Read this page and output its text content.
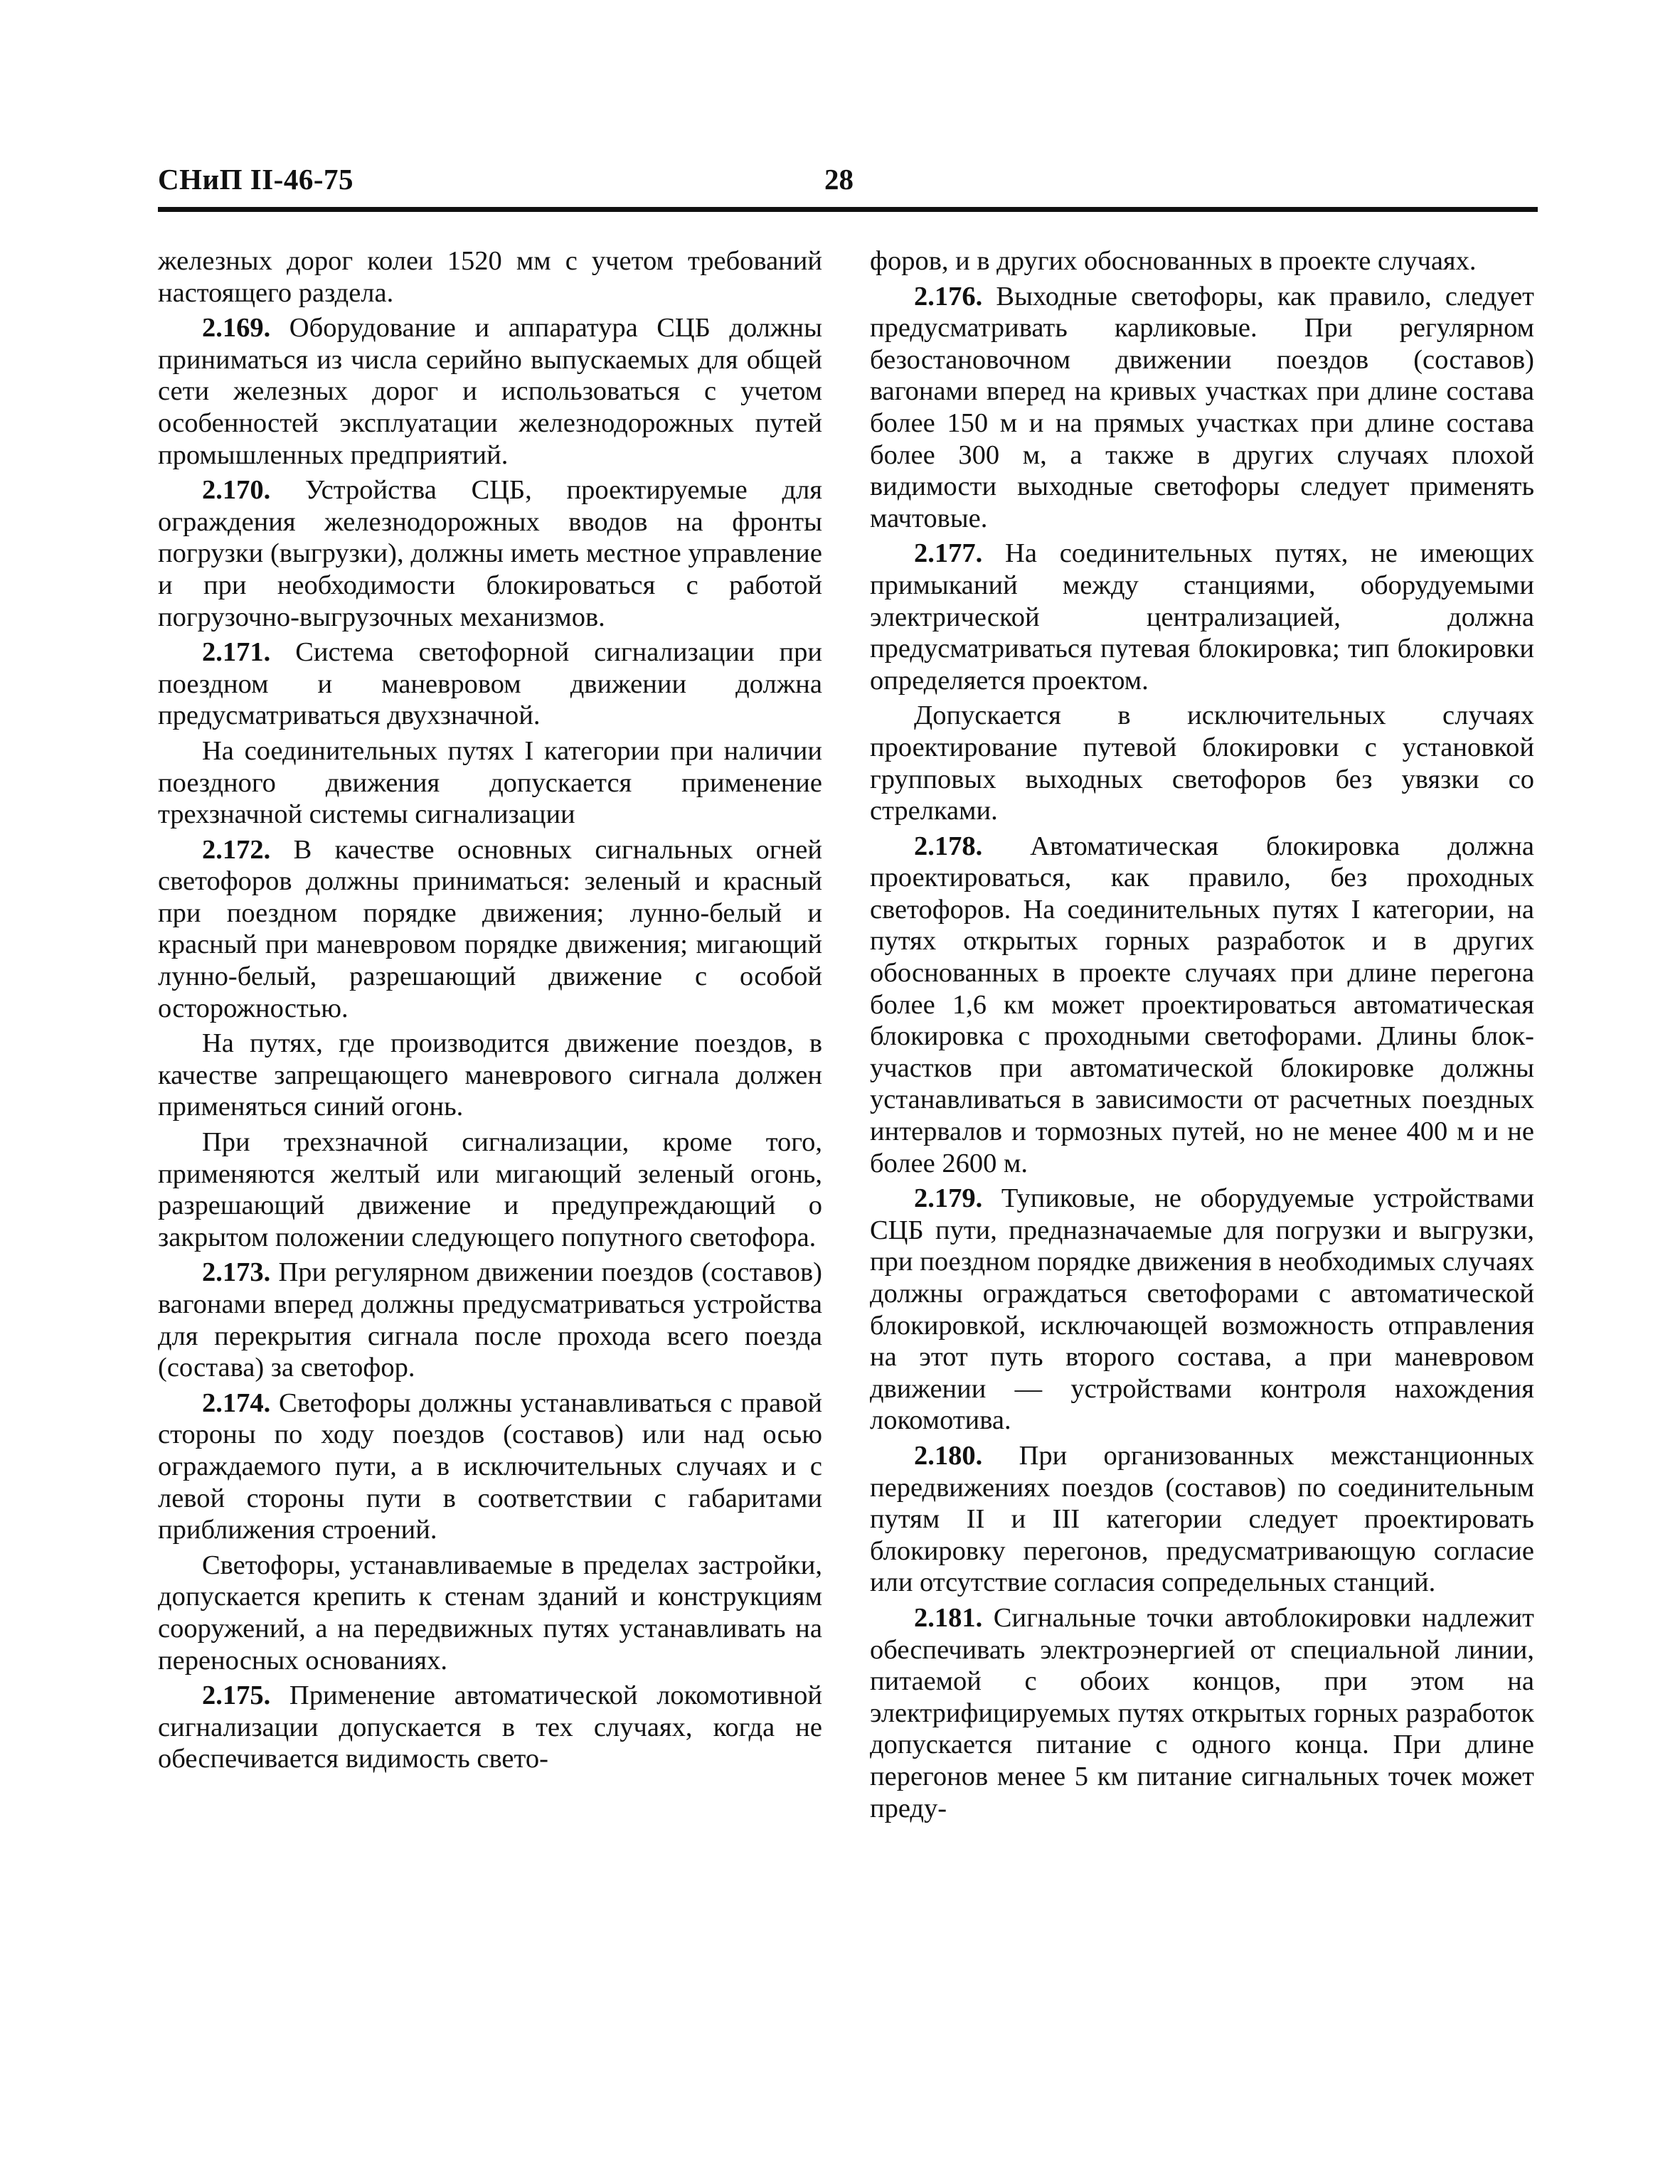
СНиП II-46-75	28

железных дорог колеи 1520 мм с учетом требований настоящего раздела.

2.169. Оборудование и аппаратура СЦБ должны приниматься из числа серийно выпускаемых для общей сети железных дорог и использоваться с учетом особенностей эксплуатации железнодорожных путей промышленных предприятий.

2.170. Устройства СЦБ, проектируемые для ограждения железнодорожных вводов на фронты погрузки (выгрузки), должны иметь местное управление и при необходимости блокироваться с работой погрузочно-выгрузочных механизмов.

2.171. Система светофорной сигнализации при поездном и маневровом движении должна предусматриваться двухзначной.

На соединительных путях I категории при наличии поездного движения допускается применение трехзначной системы сигнализации

2.172. В качестве основных сигнальных огней светофоров должны приниматься: зеленый и красный при поездном порядке движения; лунно-белый и красный при маневровом порядке движения; мигающий лунно-белый, разрешающий движение с особой осторожностью.

На путях, где производится движение поездов, в качестве запрещающего маневрового сигнала должен применяться синий огонь.

При трехзначной сигнализации, кроме того, применяются желтый или мигающий зеленый огонь, разрешающий движение и предупреждающий о закрытом положении следующего попутного светофора.

2.173. При регулярном движении поездов (составов) вагонами вперед должны предусматриваться устройства для перекрытия сигнала после прохода всего поезда (состава) за светофор.

2.174. Светофоры должны устанавливаться с правой стороны по ходу поездов (составов) или над осью ограждаемого пути, а в исключительных случаях и с левой стороны пути в соответствии с габаритами приближения строений.

Светофоры, устанавливаемые в пределах застройки, допускается крепить к стенам зданий и конструкциям сооружений, а на передвижных путях устанавливать на переносных основаниях.

2.175. Применение автоматической локомотивной сигнализации допускается в тех случаях, когда не обеспечивается видимость свето-

форов, и в других обоснованных в проекте случаях.

2.176. Выходные светофоры, как правило, следует предусматривать карликовые. При регулярном безостановочном движении поездов (составов) вагонами вперед на кривых участках при длине состава более 150 м и на прямых участках при длине состава более 300 м, а также в других случаях плохой видимости выходные светофоры следует применять мачтовые.

2.177. На соединительных путях, не имеющих примыканий между станциями, оборудуемыми электрической централизацией, должна предусматриваться путевая блокировка; тип блокировки определяется проектом.

Допускается в исключительных случаях проектирование путевой блокировки с установкой групповых выходных светофоров без увязки со стрелками.

2.178. Автоматическая блокировка должна проектироваться, как правило, без проходных светофоров. На соединительных путях I категории, на путях открытых горных разработок и в других обоснованных в проекте случаях при длине перегона более 1,6 км может проектироваться автоматическая блокировка с проходными светофорами. Длины блок-участков при автоматической блокировке должны устанавливаться в зависимости от расчетных поездных интервалов и тормозных путей, но не менее 400 м и не более 2600 м.

2.179. Тупиковые, не оборудуемые устройствами СЦБ пути, предназначаемые для погрузки и выгрузки, при поездном порядке движения в необходимых случаях должны ограждаться светофорами с автоматической блокировкой, исключающей возможность отправления на этот путь второго состава, а при маневровом движении — устройствами контроля нахождения локомотива.

2.180. При организованных межстанционных передвижениях поездов (составов) по соединительным путям II и III категории следует проектировать блокировку перегонов, предусматривающую согласие или отсутствие согласия сопредельных станций.

2.181. Сигнальные точки автоблокировки надлежит обеспечивать электроэнергией от специальной линии, питаемой с обоих концов, при этом на электрифицируемых путях открытых горных разработок допускается питание с одного конца. При длине перегонов менее 5 км питание сигнальных точек может преду-
